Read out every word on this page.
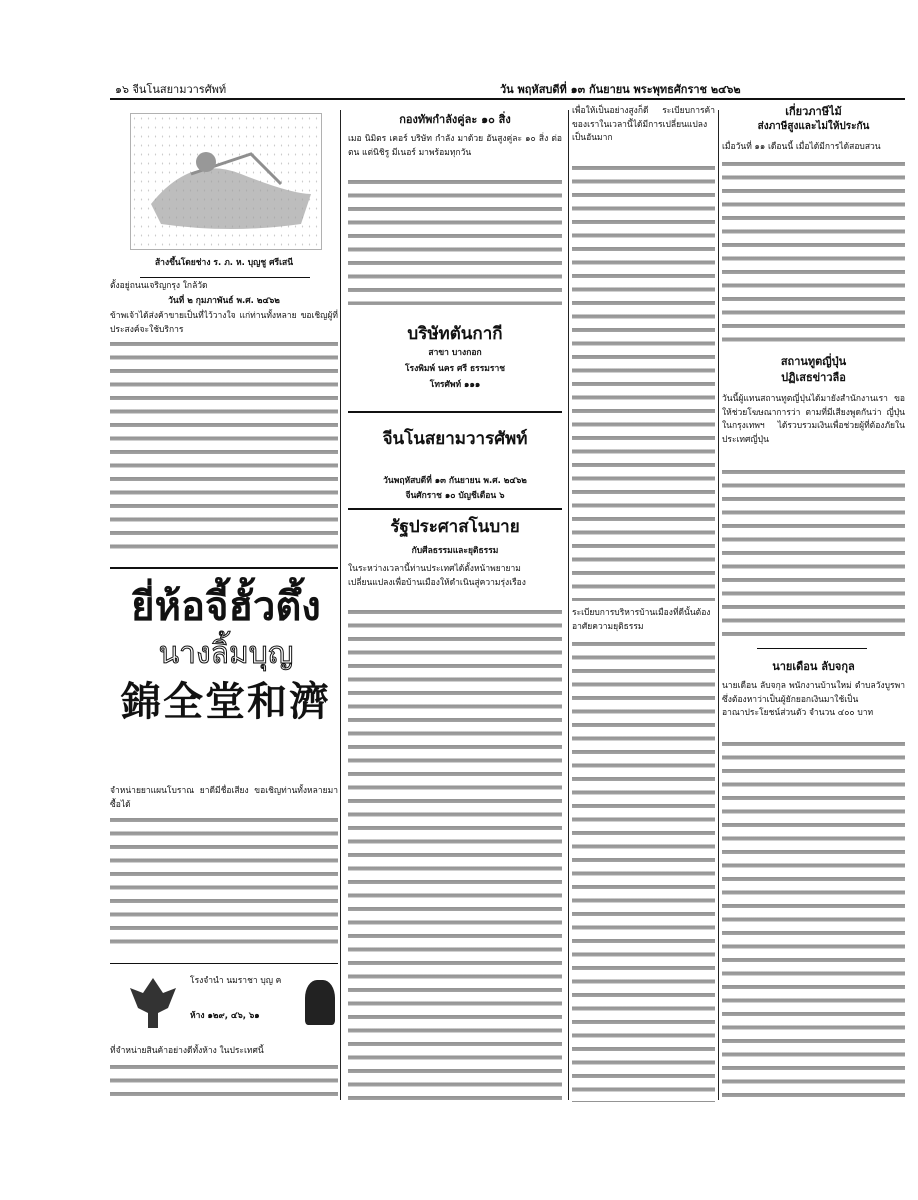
๑๖ จีนโนสยามวารศัพท์	วัน พฤหัสบดีที่ ๑๓ กันยายน พระพุทธศักราช ๒๔๖๒
ส้างขึ้นโดยช่าง ร. ภ. ห. บุญชู ศรีเสนี
ตั้งอยู่ถนนเจริญกรุง ใกล้วัด
วันที่ ๒ กุมภาพันธ์ พ.ศ. ๒๔๖๒
ข้าพเจ้าได้ส่งค้าขายเป็นที่ไว้วางใจ แก่ท่านทั้งหลาย ขอเชิญผู้ที่ประสงค์จะใช้บริการ
ยี่ห้อจี้ฮั้วตึ้ง
นางลิ้มบุญ
錦全堂和濟
จำหน่ายยาแผนโบราณ ยาดีมีชื่อเสียง ขอเชิญท่านทั้งหลายมาซื้อได้
โรงจำนำ นมราชา บุญ ค
ห้าง ๑๒๙, ๔๖, ๖๑
ที่จำหน่ายสินค้าอย่างดีทั้งห้าง ในประเทศนี้
กองทัพกำลังคู่ละ ๑๐ สิ่ง
เมอ นิมิตร เคอร์ บริษัท กำลัง มาด้วย อันสูงคู่ละ ๑๐ สิ่ง ต่อตน แต่นิชิรู มีเนอร์ มาพร้อมทุกวัน
บริษัทตันกากี
สาขา บางกอก
โรงพิมพ์ นคร ศรี ธรรมราช
โทรศัพท์ ๑๑๑
จีนโนสยามวารศัพท์
วันพฤหัสบดีที่ ๑๓ กันยายน พ.ศ. ๒๔๖๒
จีนศักราช ๑๐ บัญชีเดือน ๖
รัฐประศาสโนบาย
กับศีลธรรมและยุติธรรม
ในระหว่างเวลานี้ท่านประเทศได้ตั้งหน้าพยายามเปลี่ยนแปลงเพื่อบ้านเมืองให้ดำเนินสู่ความรุ่งเรือง
เพื่อให้เป็นอย่างสูงก็ดี ระเบียบการค้าของเราในเวลานี้ได้มีการเปลี่ยนแปลงเป็นอันมาก
ระเบียบการบริหารบ้านเมืองที่ดีนั้นต้องอาศัยความยุติธรรม
เกี่ยวภาษีไม้
ส่งภาษีสูงและไม่ให้ประกัน
เมื่อวันที่ ๑๑ เดือนนี้ เมื่อได้มีการได้สอบสวน
สถานทูตญี่ปุ่น
ปฏิเสธข่าวลือ
วันนี้ผู้แทนสถานทูตญี่ปุ่นได้มายังสำนักงานเรา ขอให้ช่วยโฆษณาการว่า ตามที่มีเสียงพูดกันว่า ญี่ปุ่นในกรุงเทพฯ ได้รวบรวมเงินเพื่อช่วยผู้ที่ต้องภัยในประเทศญี่ปุ่น
นายเดือน ลับจกุล
นายเดือน ลับจกุล พนักงานบ้านใหม่ ตำบลวังบูรพา ซึ่งต้องหาว่าเป็นผู้ยักยอกเงินมาใช้เป็นอาณาประโยชน์ส่วนตัว จำนวน ๔๐๐ บาท
